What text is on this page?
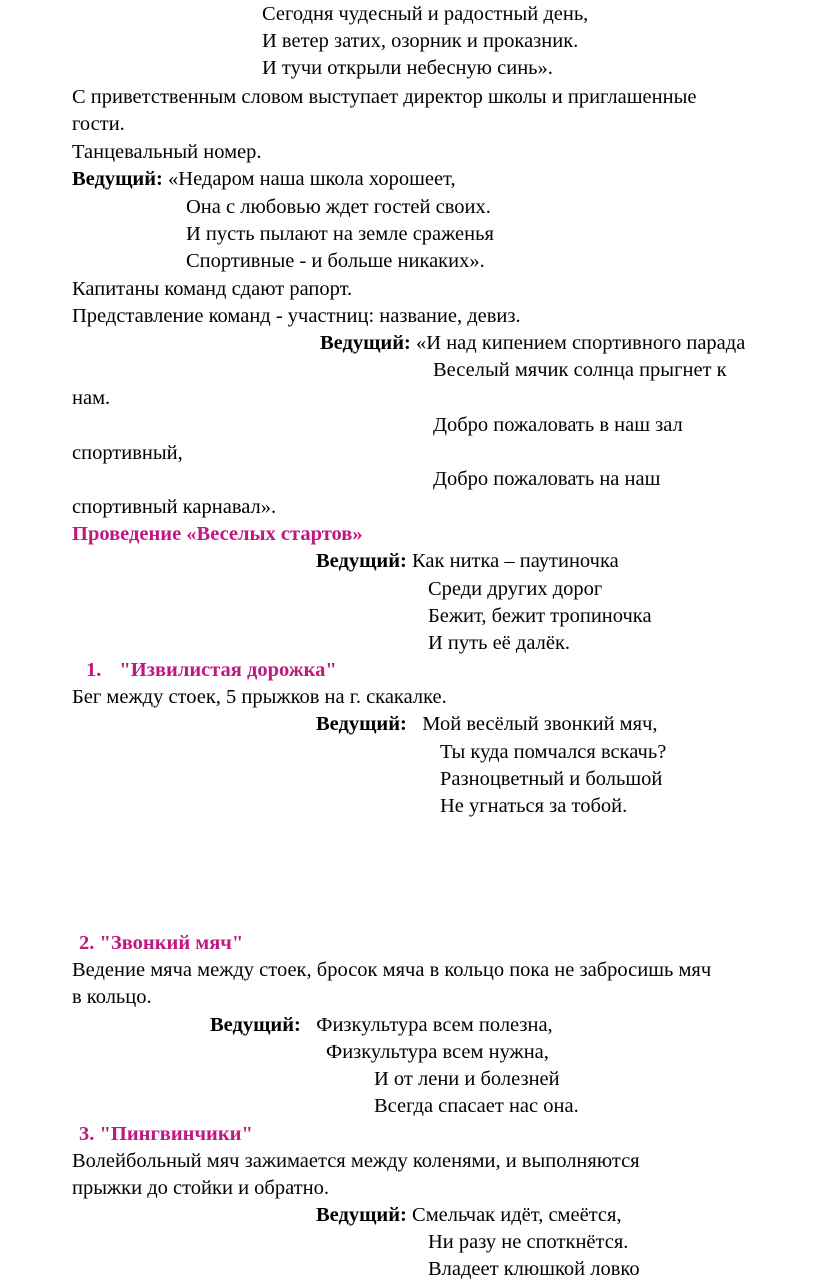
Сегодня чудесный и радостный день,
И ветер затих, озорник и проказник.
И тучи открыли небесную синь».
С приветственным словом выступает директор школы и приглашенные
гости.
Танцевальный номер.
Ведущий: «Недаром наша школа хорошеет,
Она с любовью ждет гостей своих.
И пусть пылают на земле сраженья
Спортивные - и больше никаких».
Капитаны команд сдают рапорт.
Представление команд - участниц: название, девиз.
Ведущий: «И над кипением спортивного парада
Веселый мячик солнца прыгнет к
нам.
Добро пожаловать в наш зал
спортивный,
Добро пожаловать на наш
спортивный карнавал».
Проведение «Веселых стартов»
Ведущий: Как нитка – паутиночка
Среди других дорог
Бежит, бежит тропиночка
И путь её далёк.
1. "Извилистая дорожка"
Бег между стоек, 5 прыжков на г. скакалке.
Ведущий:   Мой весёлый звонкий мяч,
Ты куда помчался вскачь?
Разноцветный и большой
Не угнаться за тобой.
2. "Звонкий мяч"
Ведение мяча между стоек, бросок мяча в кольцо пока не забросишь мяч
в кольцо.
Ведущий:   Физкультура всем полезна,
Физкультура всем нужна,
И от лени и болезней
Всегда спасает нас она.
3. "Пингвинчики"
Волейбольный мяч зажимается между коленями, и выполняются
прыжки до стойки и обратно.
Ведущий: Смельчак идёт, смеётся,
Ни разу не споткнётся.
Владеет клюшкой ловко
